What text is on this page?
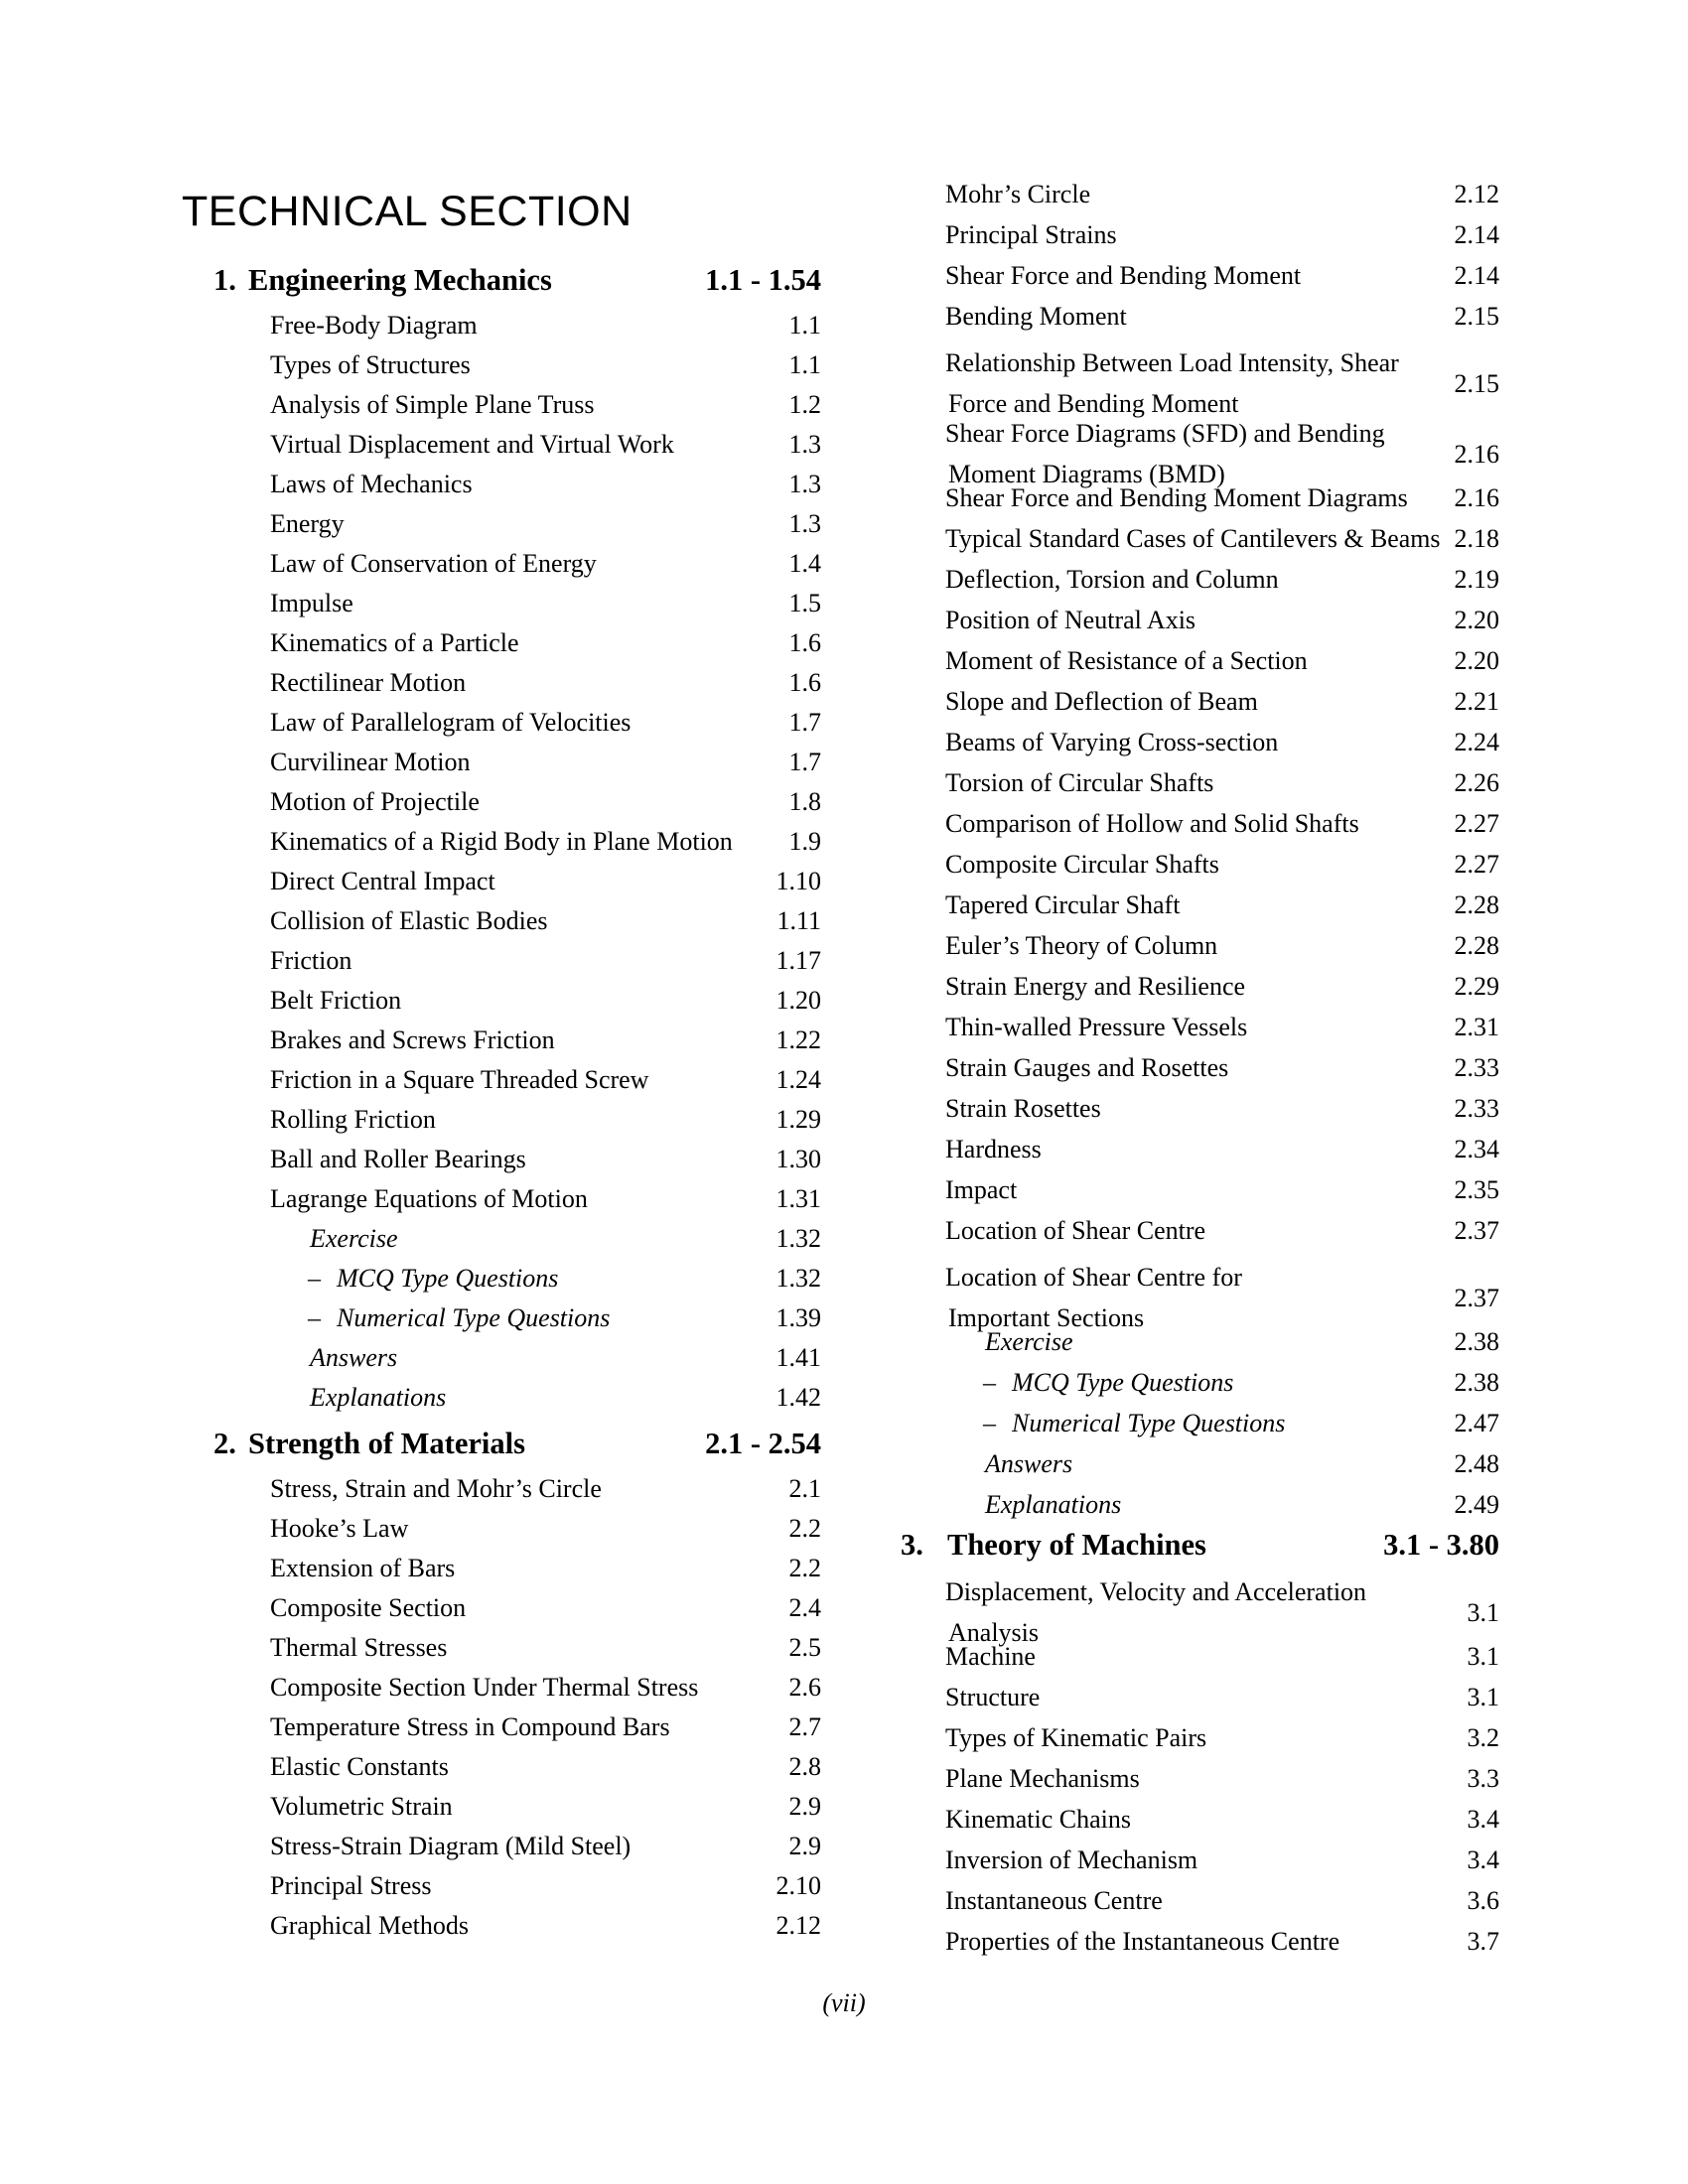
TECHNICAL SECTION
1. Engineering Mechanics	1.1 - 1.54
Free-Body Diagram	1.1
Types of Structures	1.1
Analysis of Simple Plane Truss	1.2
Virtual Displacement and Virtual Work	1.3
Laws of Mechanics	1.3
Energy	1.3
Law of Conservation of Energy	1.4
Impulse	1.5
Kinematics of a Particle	1.6
Rectilinear Motion	1.6
Law of Parallelogram of Velocities	1.7
Curvilinear Motion	1.7
Motion of Projectile	1.8
Kinematics of a Rigid Body in Plane Motion 1.9
Direct Central Impact	1.10
Collision of Elastic Bodies	1.11
Friction	1.17
Belt Friction	1.20
Brakes and Screws Friction	1.22
Friction in a Square Threaded Screw	1.24
Rolling Friction	1.29
Ball and Roller Bearings	1.30
Lagrange Equations of Motion	1.31
Exercise	1.32
– MCQ Type Questions	1.32
– Numerical Type Questions	1.39
Answers	1.41
Explanations	1.42
2. Strength of Materials	2.1 - 2.54
Stress, Strain and Mohr’s Circle	2.1
Hooke’s Law	2.2
Extension of Bars	2.2
Composite Section	2.4
Thermal Stresses	2.5
Composite Section Under Thermal Stress	2.6
Temperature Stress in Compound Bars	2.7
Elastic Constants	2.8
Volumetric Strain	2.9
Stress-Strain Diagram (Mild Steel)	2.9
Principal Stress	2.10
Graphical Methods	2.12
Mohr’s Circle	2.12
Principal Strains	2.14
Shear Force and Bending Moment	2.14
Bending Moment	2.15
Relationship Between Load Intensity, Shear
Force and Bending Moment
2.15
Shear Force Diagrams (SFD) and Bending
Moment Diagrams (BMD)
2.16
Shear Force and Bending Moment Diagrams 2.16
Typical Standard Cases of Cantilevers & Beams 2.18
Deflection, Torsion and Column	2.19
Position of Neutral Axis	2.20
Moment of Resistance of a Section	2.20
Slope and Deflection of Beam	2.21
Beams of Varying Cross-section	2.24
Torsion of Circular Shafts	2.26
Comparison of Hollow and Solid Shafts	2.27
Composite Circular Shafts	2.27
Tapered Circular Shaft	2.28
Euler’s Theory of Column	2.28
Strain Energy and Resilience	2.29
Thin-walled Pressure Vessels	2.31
Strain Gauges and Rosettes	2.33
Strain Rosettes	2.33
Hardness	2.34
Impact	2.35
Location of Shear Centre	2.37
Location of Shear Centre for
Important Sections
2.37
Exercise	2.38
– MCQ Type Questions	2.38
– Numerical Type Questions	2.47
Answers	2.48
Explanations	2.49
3. Theory of Machines	3.1 - 3.80
Displacement, Velocity and Acceleration
Analysis
3.1
Machine	3.1
Structure	3.1
Types of Kinematic Pairs	3.2
Plane Mechanisms	3.3
Kinematic Chains	3.4
Inversion of Mechanism	3.4
Instantaneous Centre	3.6
Properties of the Instantaneous Centre	3.7
(vii)
